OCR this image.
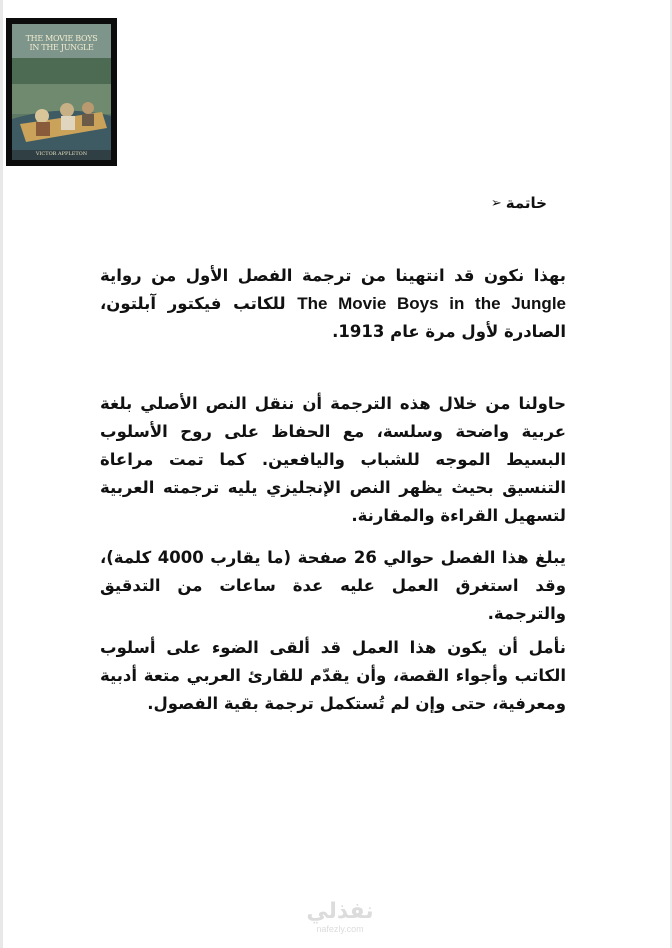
THE MOVIE BOYS
IN THE JUNGLE
VICTOR APPLETON
خاتمة
➢

بهذا نكون قد انتهينا من ترجمة الفصل الأول من رواية The Movie Boys in the Jungle للكاتب فيكتور آبلتون، الصادرة لأول مرة عام 1913.

حاولنا من خلال هذه الترجمة أن ننقل النص الأصلي بلغة عربية واضحة وسلسة، مع الحفاظ على روح الأسلوب البسيط الموجه للشباب واليافعين. كما تمت مراعاة التنسيق بحيث يظهر النص الإنجليزي يليه ترجمته العربية لتسهيل القراءة والمقارنة.

يبلغ هذا الفصل حوالي 26 صفحة (ما يقارب 4000 كلمة)، وقد استغرق العمل عليه عدة ساعات من التدقيق والترجمة.

نأمل أن يكون هذا العمل قد ألقى الضوء على أسلوب الكاتب وأجواء القصة، وأن يقدّم للقارئ العربي متعة أدبية ومعرفية، حتى وإن لم تُستكمل ترجمة بقية الفصول.

نفذلي
nafezly.com
